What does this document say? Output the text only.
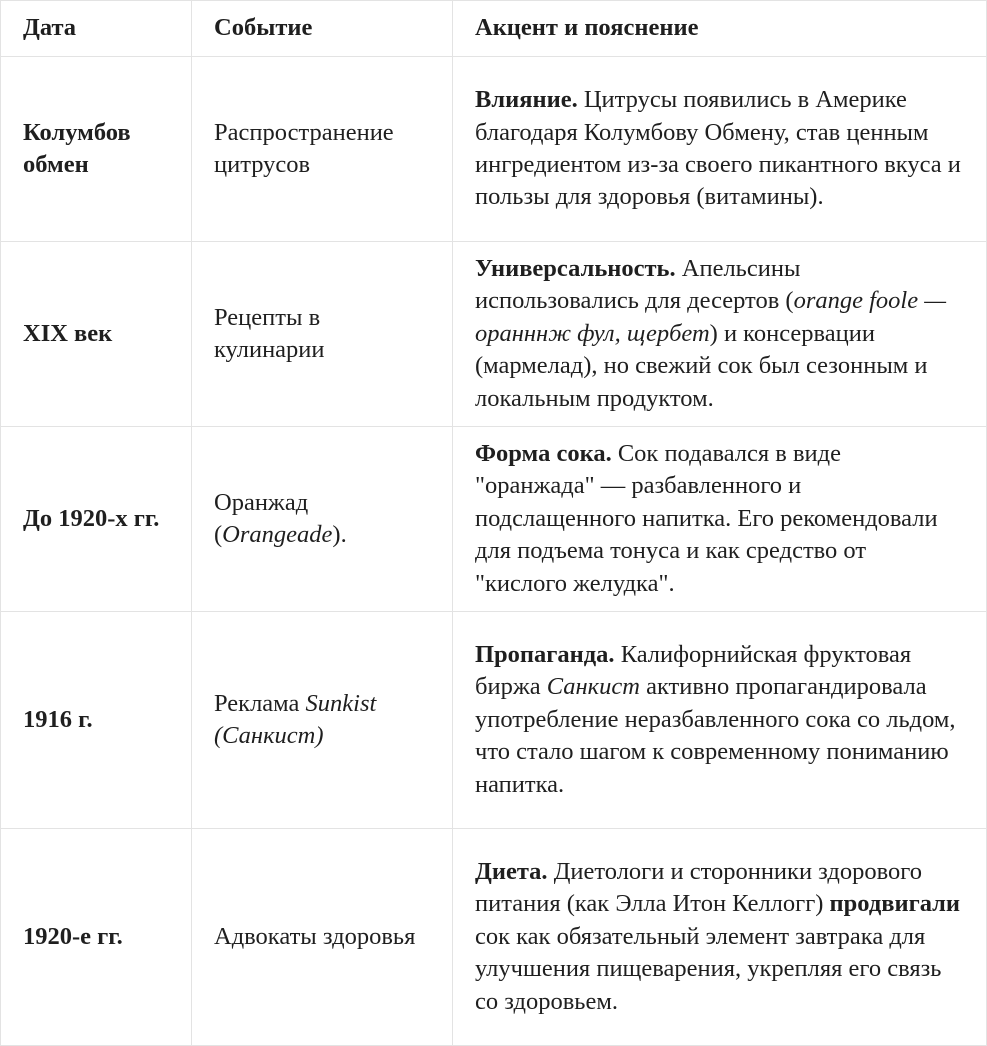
Дата	Событие	Акцент и пояснение
Колумбов обмен	Распространение цитрусов	Влияние. Цитрусы появились в Америке благодаря Колумбову Обмену, став ценным ингредиентом из-за своего пикантного вкуса и пользы для здоровья (витамины).
XIX век	Рецепты в кулинарии	Универсальность. Апельсины использовались для десертов (orange foole — оранннж фул, щербет) и консервации (мармелад), но свежий сок был сезонным и локальным продуктом.
До 1920-х гг.	Оранжад (Orangeade).	Форма сока. Сок подавался в виде "оранжада" — разбавленного и подслащенного напитка. Его рекомендовали для подъема тонуса и как средство от "кислого желудка".
1916 г.	Реклама Sunkist (Санкист)	Пропаганда. Калифорнийская фруктовая биржа Санкист активно пропагандировала употребление неразбавленного сока со льдом, что стало шагом к современному пониманию напитка.
1920-е гг.	Адвокаты здоровья	Диета. Диетологи и сторонники здорового питания (как Элла Итон Келлогг) продвигали сок как обязательный элемент завтрака для улучшения пищеварения, укрепляя его связь со здоровьем.
